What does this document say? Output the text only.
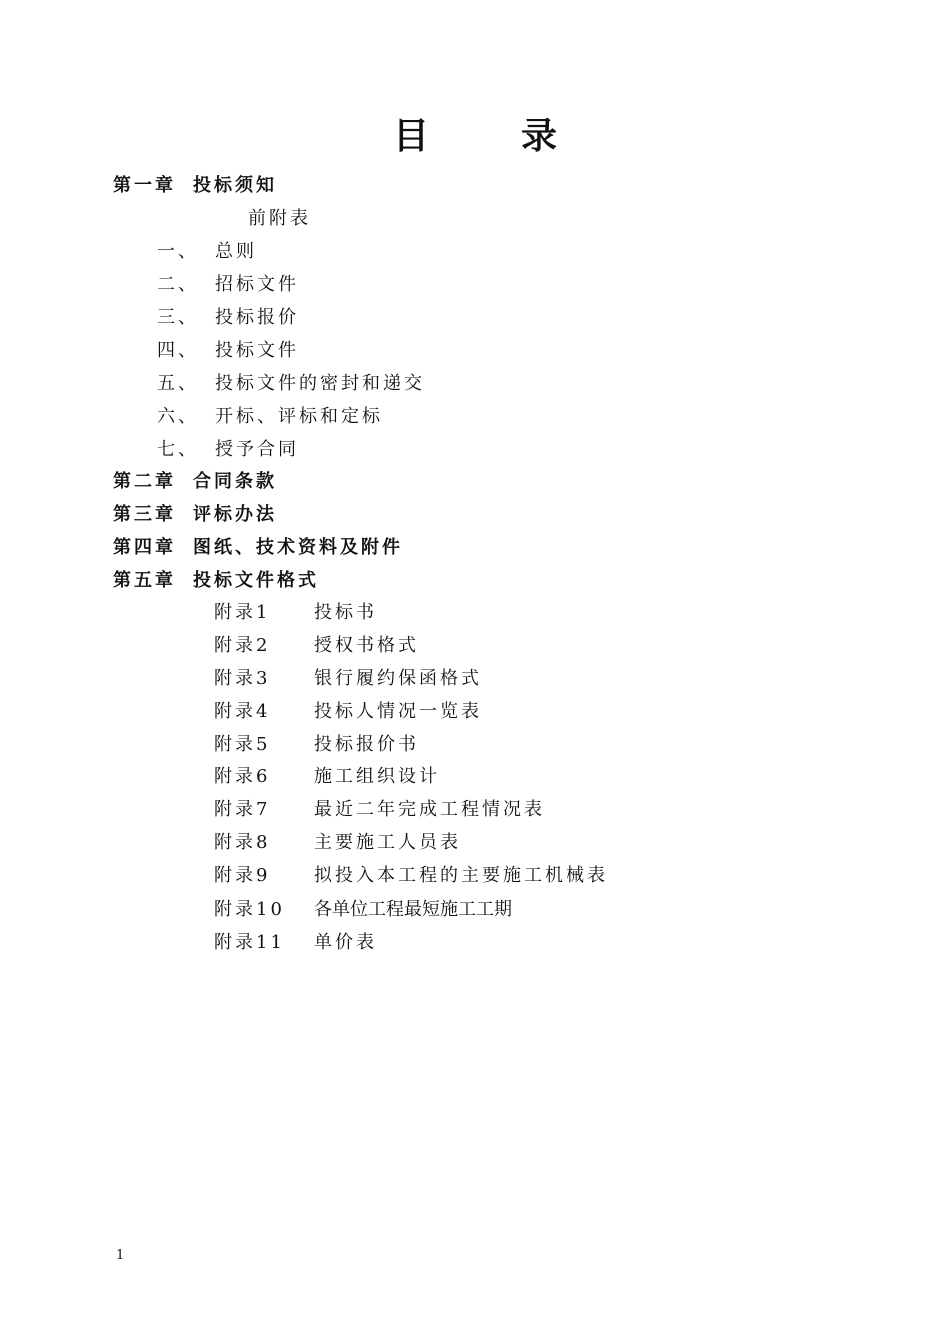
目　录
第一章 投标须知
前附表
一、 总则
二、 招标文件
三、 投标报价
四、 投标文件
五、 投标文件的密封和递交
六、 开标、评标和定标
七、 授予合同
第二章 合同条款
第三章 评标办法
第四章 图纸、技术资料及附件
第五章 投标文件格式
附录1 投标书
附录2 授权书格式
附录3 银行履约保函格式
附录4 投标人情况一览表
附录5 投标报价书
附录6 施工组织设计
附录7 最近二年完成工程情况表
附录8 主要施工人员表
附录9 拟投入本工程的主要施工机械表
附录10 各单位工程最短施工工期
附录11 单价表
1
